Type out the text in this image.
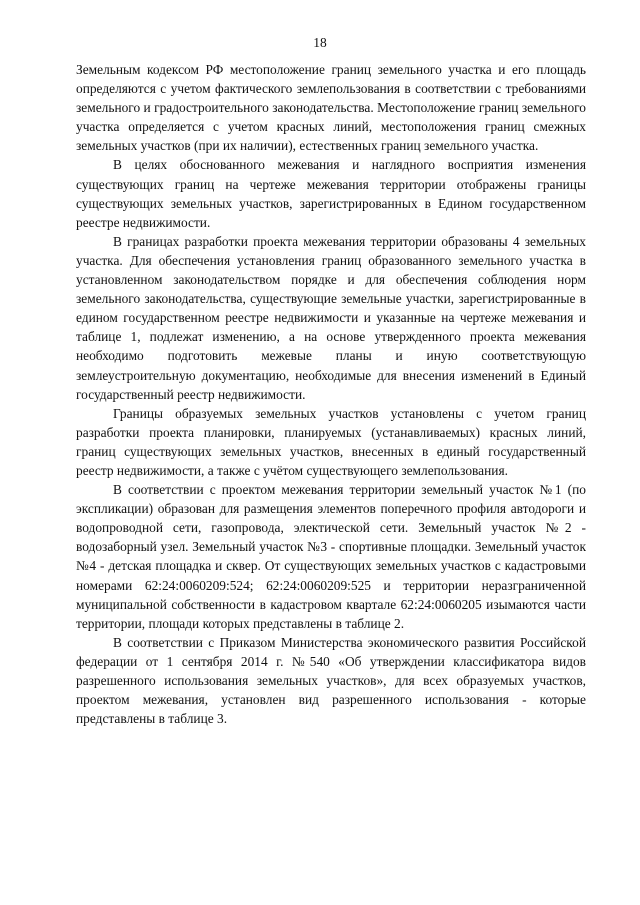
18

Земельным кодексом РФ местоположение границ земельного участка и его площадь определяются с учетом фактического землепользования в соответствии с требованиями земельного и градостроительного законодательства. Местоположение границ земельного участка определяется с учетом красных линий, местоположения границ смежных земельных участков (при их наличии), естественных границ земельного участка.

В целях обоснованного межевания и наглядного восприятия изменения существующих границ на чертеже межевания территории отображены границы существующих земельных участков, зарегистрированных в Едином государственном реестре недвижимости.

В границах разработки проекта межевания территории образованы 4 земельных участка. Для обеспечения установления границ образованного земельного участка в установленном законодательством порядке и для обеспечения соблюдения норм земельного законодательства, существующие земельные участки, зарегистрированные в едином государственном реестре недвижимости и указанные на чертеже межевания и таблице 1, подлежат изменению, а на основе утвержденного проекта межевания необходимо подготовить межевые планы и иную соответствующую землеустроительную документацию, необходимые для внесения изменений в Единый государственный реестр недвижимости.

Границы образуемых земельных участков установлены с учетом границ разработки проекта планировки, планируемых (устанавливаемых) красных линий, границ существующих земельных участков, внесенных в единый государственный реестр недвижимости, а также с учётом существующего землепользования.

В соответствии с проектом межевания территории земельный участок №1 (по экспликации) образован для размещения элементов поперечного профиля автодороги и водопроводной сети, газопровода, электической сети. Земельный участок №2 - водозаборный узел. Земельный участок №3 - спортивные площадки. Земельный участок №4 - детская площадка и сквер. От существующих земельных участков с кадастровыми номерами 62:24:0060209:524; 62:24:0060209:525 и территории неразграниченной муниципальной собственности в кадастровом квартале 62:24:0060205 изымаются части территории, площади которых представлены в таблице 2.

В соответствии с Приказом Министерства экономического развития Российской федерации от 1 сентября 2014 г. №540 «Об утверждении классификатора видов разрешенного использования земельных участков», для всех образуемых участков, проектом межевания, установлен вид разрешенного использования - которые представлены в таблице 3.
